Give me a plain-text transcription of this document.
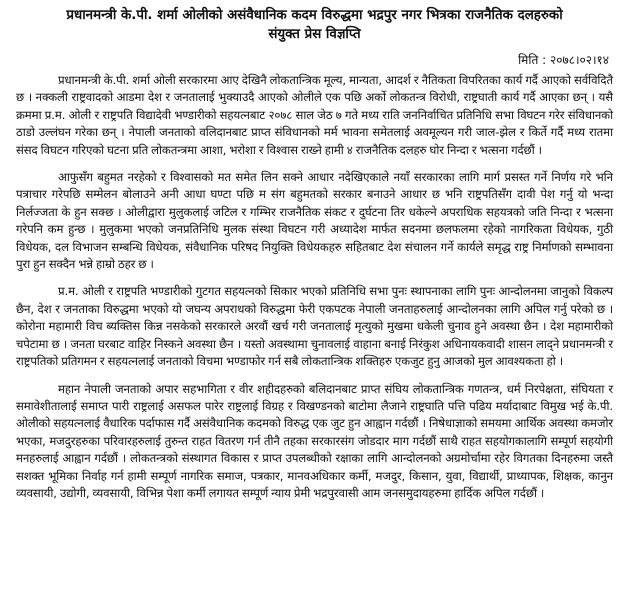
प्रधानमन्त्री के.पी. शर्मा ओलीको असंवैधानिक कदम विरुद्धमा भद्रपुर नगर भित्रका राजनैतिक दलहरुको
संयुक्त प्रेस विज्ञप्ति
मिति : २०७८।०२।१४

प्रधानमन्त्री के.पी. शर्मा ओली सरकारमा आए देखिनै लोकतान्त्रिक मूल्य, मान्यता, आदर्श र नैतिकता विपरितका कार्य गर्दै आएको सर्वविदितै छ । नक्कली राष्ट्रवादको आडमा देश र जनतालाई भुक्याउदै आएको ओलीले एक पछि अर्को लोकतन्त्र विरोधी, राष्ट्रघाती कार्य गर्दै आएका छन् । यसै क्रममा प्र.म. ओली र राष्ट्रपति विद्यादेवी भण्डारीको सहयत्नबाट २०७८ साल जेठ ७ गते मध्य राति जननिर्वाचित प्रतिनिधि सभा विघटन गरेर संविधानको ठाडो उल्लंघन गरेका छन् । नेपाली जनताको वलिदानबाट प्राप्त संविधानको मर्म भावना समेतलाई अवमूल्यन गरी जाल-झेल र किर्ते गर्दै मध्य रातमा संसद विघटन गरिएको घटना प्रति लोकतन्त्रमा आशा, भरोशा र विश्वास राख्ने हामी ४ राजनैतिक दलहरु घोर निन्दा र भत्सना गर्दछौं ।

आफुसँग बहुमत नरहेको र विश्वासको मत समेत लिन सक्ने आधार नदेखिएकाले नयाँ सरकारका लागि मार्ग प्रसस्त गर्ने निर्णय गरे भनि पत्राचार गरेपछि सम्मेलन बोलाउने अनी आधा घण्टा पछि म संग बहुमतको सरकार बनाउने आधार छ भनि राष्ट्रपतिसँग दावी पेश गर्नु यो भन्दा निर्लज्जता के हुन सक्छ । ओलीद्वारा मुलुकलाई जटिल र गम्भिर राजनैतिक संकट र दुर्घटना तिर धकेल्ने अपराधिक सहयत्रको जति निन्दा र भत्सना गरेपनि कम हुन्छ । मुलुकमा भएको जनप्रतिनिधि मुलक संस्था विघटन गरी अध्यादेश मार्फत सदनमा छलफलमा रहेको नागरिकता विधेयक, गुठी विधेयक, दल विभाजन सम्बन्धि विधेयक, संवैधानिक परिषद नियुक्ति विधेयकहरु सहितबाट देश संचालन गर्ने कार्यले समृद्ध राष्ट्र निर्माणको सम्भावना पुरा हुन सक्दैन भन्ने हाम्रो ठहर छ ।

प्र.म. ओली र राष्ट्रपति भण्डारीको गुटगत सहयत्नको सिकार भएको प्रतिनिधि सभा पुनः स्थापनाका लागि पुनः आन्दोलनमा जानुको विकल्प छैन, देश र जनताका विरुद्धमा भएको यो जघन्य अपराधको विरुद्धमा फेरी एकपटक नेपाली जनताहरुलाई आन्दोलनका लागि अपिल गर्नु परेको छ । कोरोना महामारी विच ब्यक्तिस किन्न नसकेको सरकारले अरवौं खर्च गरी जनतालाई मृत्युको मुखमा धकेली चुनाव हुने अवस्था छैन । देश महामारीको चपेटामा छ । जनता घरबाट वाहिर निस्कने अवस्था छैन । यस्तो अवस्थामा चुनावलाई वाहाना बनाई निरंकुश अधिनायकवादी शासन लाद्ने प्रधानमन्त्री र राष्ट्रपतिको प्रतिगमन र सहयत्नलाई जनताको विचमा भण्डाफोर गर्न सबै लोकतान्त्रिक शक्तिहरु एकजुट हुनु आजको मुल आवश्यकता हो ।

महान नेपाली जनताको अपार सहभागिता र वीर शहीदहरुको बलिदानबाट प्राप्त संघिय लोकतान्त्रिक गणतन्त्र, धर्म निरपेक्षता, संघियता र समावेशीतालाई समाप्त पारी राष्ट्रलाई असफल पारेर राष्ट्रलाई विग्रह र विखण्डनको बाटोमा लैजाने राष्ट्रघाति पत्ति पढिय मर्यादाबाट विमुख भई के.पी. ओलीको सहयत्नलाई वैधारिक पर्दाफास गर्दै असंवैधानिक कदमको विरुद्ध एक जुट हुन आह्वान गर्दछौं । निषेधाज्ञाको समयमा आर्थिक अवस्था कमजोर भएका, मजदुरहरुका परिवारहरुलाई तुरुन्त राहत वितरण गर्न तीनै तहका सरकारसंग जोडदार माग गर्दछौं साथै राहत सहयोगकालागि सम्पूर्ण सहयोगी मनहरुलाई आह्वान गर्दछौं । लोकतन्त्रको संस्थागत विकास र प्राप्त उपलब्धीको रक्षाका लागि आन्दोलनको अग्रमोर्चामा रहेर विगतका दिनहरुमा जस्तै सशक्त भूमिका निर्वाह गर्न हामी सम्पूर्ण नागरिक समाज, पत्रकार, मानवअधिकार कर्मी, मजदुर, किसान, युवा, विद्यार्थी, प्राध्यापक, शिक्षक, कानुन व्यवसायी, उद्योगी, व्यवसायी, विभिन्न पेशा कर्मी लगायत सम्पूर्ण न्याय प्रेमी भद्रपुरवासी आम जनसमुदायहरुमा हार्दिक अपिल गर्दछौं ।
